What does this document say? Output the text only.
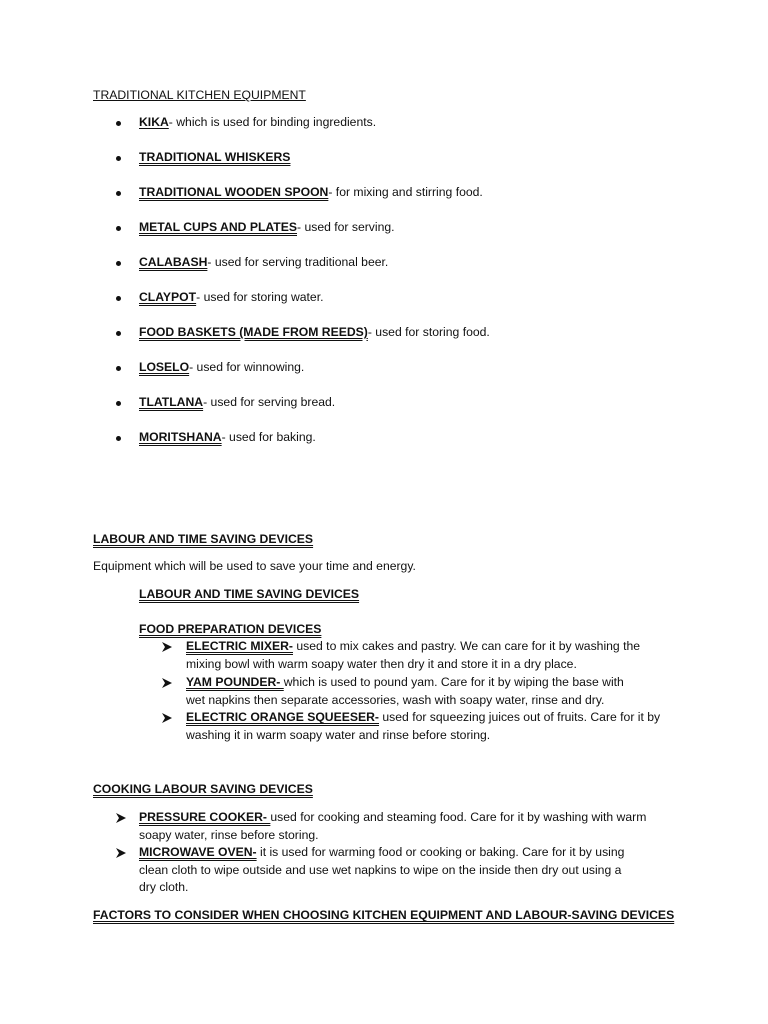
TRADITIONAL KITCHEN EQUIPMENT
KIKA- which is used for binding ingredients.
TRADITIONAL WHISKERS
TRADITIONAL WOODEN SPOON- for mixing and stirring food.
METAL CUPS AND PLATES- used for serving.
CALABASH- used for serving traditional beer.
CLAYPOT- used for storing water.
FOOD BASKETS (MADE FROM REEDS)- used for storing food.
LOSELO- used for winnowing.
TLATLANA- used for serving bread.
MORITSHANA- used for baking.
LABOUR AND TIME SAVING DEVICES
Equipment which will be used to save your time and energy.
LABOUR AND TIME SAVING DEVICES
FOOD PREPARATION DEVICES
ELECTRIC MIXER- used to mix cakes and pastry. We can care for it by washing the
mixing bowl with warm soapy water then dry it and store it in a dry place.
YAM POUNDER- which is used to pound yam. Care for it by wiping the base with
wet napkins then separate accessories, wash with soapy water, rinse and dry.
ELECTRIC ORANGE SQUEESER- used for squeezing juices out of fruits. Care for it by
washing it in warm soapy water and rinse before storing.
COOKING LABOUR SAVING DEVICES
PRESSURE COOKER- used for cooking and steaming food. Care for it by washing with warm
soapy water, rinse before storing.
MICROWAVE OVEN- it is used for warming food or cooking or baking. Care for it by using
clean cloth to wipe outside and use wet napkins to wipe on the inside then dry out using a
dry cloth.
FACTORS TO CONSIDER WHEN CHOOSING KITCHEN EQUIPMENT AND LABOUR-SAVING DEVICES
